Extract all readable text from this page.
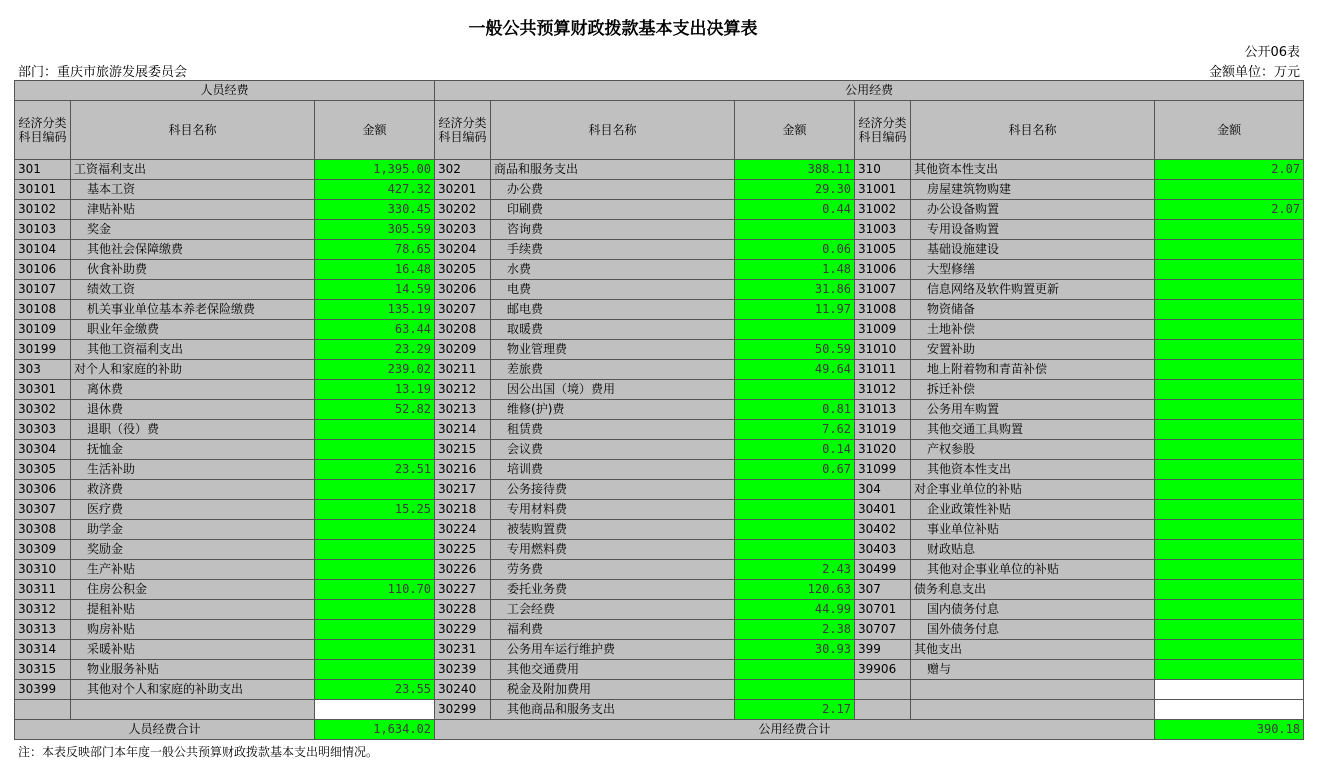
一般公共预算财政拨款基本支出决算表
公开06表
部门：重庆市旅游发展委员会	金额单位：万元
人员经费			公用经费					
经济分类科目编码	科目名称	金额	经济分类科目编码	科目名称	金额	经济分类科目编码	科目名称	金额
301	工资福利支出	1,395.00	302	商品和服务支出	388.11	310	其他资本性支出	2.07
30101	基本工资	427.32	30201	办公费	29.30	31001	房屋建筑物购建	
30102	津贴补贴	330.45	30202	印刷费	0.44	31002	办公设备购置	2.07
30103	奖金	305.59	30203	咨询费		31003	专用设备购置	
30104	其他社会保障缴费	78.65	30204	手续费	0.06	31005	基础设施建设	
30106	伙食补助费	16.48	30205	水费	1.48	31006	大型修缮	
30107	绩效工资	14.59	30206	电费	31.86	31007	信息网络及软件购置更新	
30108	机关事业单位基本养老保险缴费	135.19	30207	邮电费	11.97	31008	物资储备	
30109	职业年金缴费	63.44	30208	取暖费		31009	土地补偿	
30199	其他工资福利支出	23.29	30209	物业管理费	50.59	31010	安置补助	
303	对个人和家庭的补助	239.02	30211	差旅费	49.64	31011	地上附着物和青苗补偿	
30301	离休费	13.19	30212	因公出国（境）费用		31012	拆迁补偿	
30302	退休费	52.82	30213	维修(护)费	0.81	31013	公务用车购置	
30303	退职（役）费		30214	租赁费	7.62	31019	其他交通工具购置	
30304	抚恤金		30215	会议费	0.14	31020	产权参股	
30305	生活补助	23.51	30216	培训费	0.67	31099	其他资本性支出	
30306	救济费		30217	公务接待费		304	对企事业单位的补贴	
30307	医疗费	15.25	30218	专用材料费		30401	企业政策性补贴	
30308	助学金		30224	被装购置费		30402	事业单位补贴	
30309	奖励金		30225	专用燃料费		30403	财政贴息	
30310	生产补贴		30226	劳务费	2.43	30499	其他对企事业单位的补贴	
30311	住房公积金	110.70	30227	委托业务费	120.63	307	债务利息支出	
30312	提租补贴		30228	工会经费	44.99	30701	国内债务付息	
30313	购房补贴		30229	福利费	2.38	30707	国外债务付息	
30314	采暖补贴		30231	公务用车运行维护费	30.93	399	其他支出	
30315	物业服务补贴		30239	其他交通费用		39906	赠与	
30399	其他对个人和家庭的补助支出	23.55	30240	税金及附加费用				
			30299	其他商品和服务支出	2.17			
人员经费合计		1,634.02	公用经费合计					390.18
注：本表反映部门本年度一般公共预算财政拨款基本支出明细情况。
